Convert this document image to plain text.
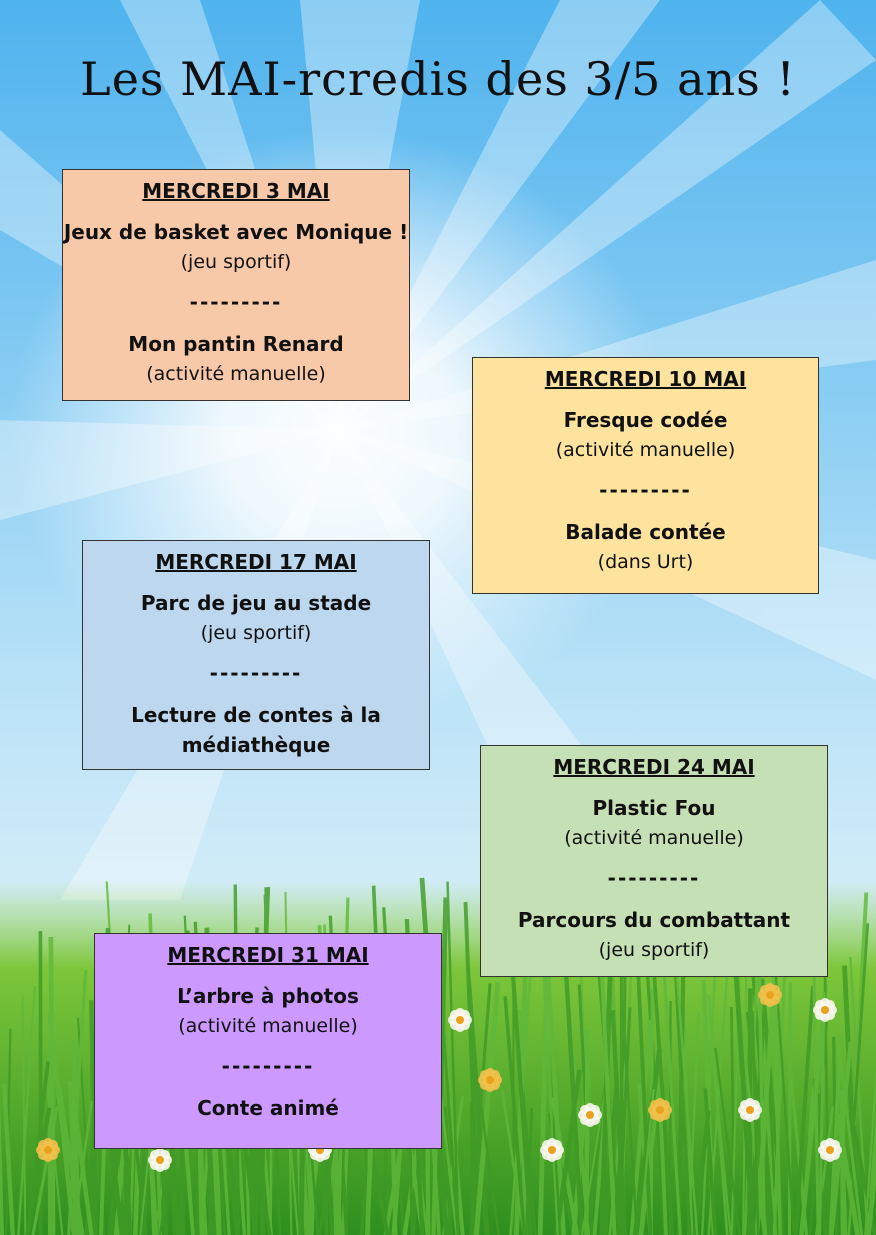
Les MAI-rcredis des 3/5 ans !
MERCREDI 3 MAI
Jeux de basket avec Monique !
(jeu sportif)
---------
Mon pantin Renard
(activité manuelle)	MERCREDI 10 MAI
Fresque codée
(activité manuelle)
---------
Balade contée
(dans Urt)
MERCREDI 17 MAI
Parc de jeu au stade
(jeu sportif)
---------
Lecture de contes à la médiathèque
MERCREDI 24 MAI
Plastic Fou
(activité manuelle)
---------
Parcours du combattant
(jeu sportif)
MERCREDI 31 MAI
L’arbre à photos
(activité manuelle)
---------
Conte animé
